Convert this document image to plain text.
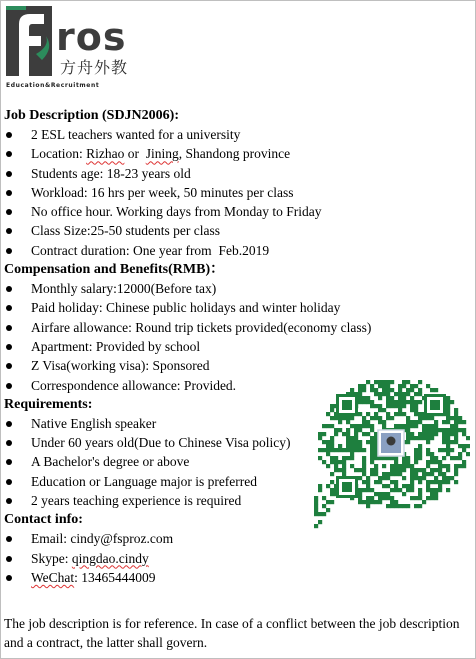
ros
方舟外教
Education&Recruitment
Job Description (SDJN2006):
2 ESL teachers wanted for a university
Location: Rizhao or  Jining, Shandong province
Students age: 18-23 years old
Workload: 16 hrs per week, 50 minutes per class
No office hour. Working days from Monday to Friday
Class Size:25-50 students per class
Contract duration: One year from  Feb.2019
Compensation and Benefits(RMB)：
Monthly salary:12000(Before tax)
Paid holiday: Chinese public holidays and winter holiday
Airfare allowance: Round trip tickets provided(economy class)
Apartment: Provided by school
Z Visa(working visa): Sponsored
Correspondence allowance: Provided.
Requirements:
Native English speaker
Under 60 years old(Due to Chinese Visa policy)
A Bachelor's degree or above
Education or Language major is preferred
2 years teaching experience is required
Contact info:
Email: cindy@fsproz.com
Skype: qingdao.cindy
WeChat: 13465444009
The job description is for reference. In case of a conflict between the job description and a contract, the latter shall govern.
